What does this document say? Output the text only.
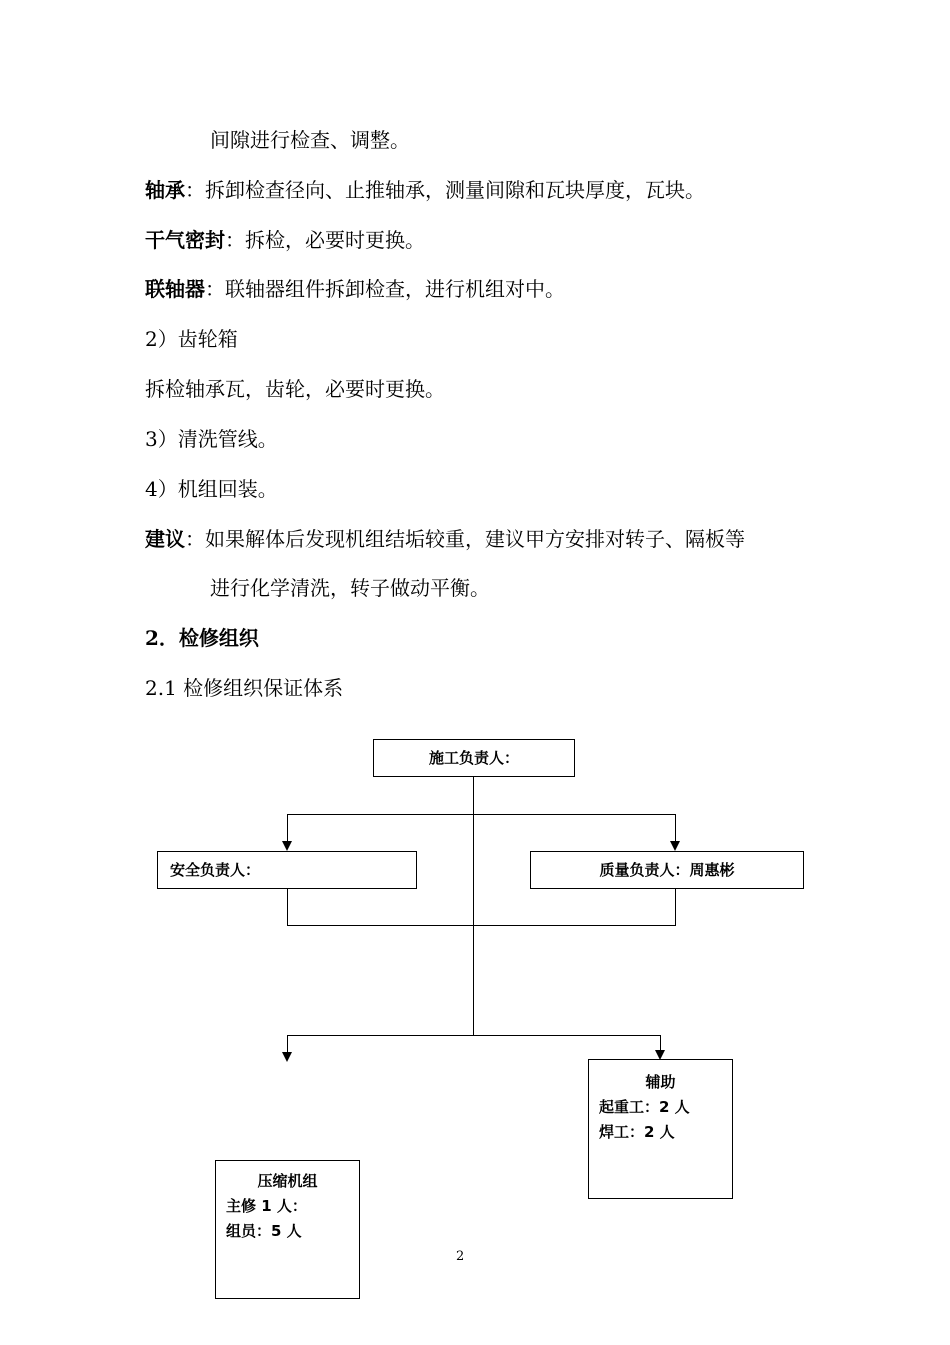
间隙进行检查、调整。
轴承：拆卸检查径向、止推轴承，测量间隙和瓦块厚度，瓦块。
干气密封：拆检，必要时更换。
联轴器：联轴器组件拆卸检查，进行机组对中。
2）齿轮箱
拆检轴承瓦，齿轮，必要时更换。
3）清洗管线。
4）机组回装。
建议：如果解体后发现机组结垢较重，建议甲方安排对转子、隔板等
进行化学清洗，转子做动平衡。
2．检修组织
2.1 检修组织保证体系
施工负责人：
安全负责人：	质量负责人：周惠彬
辅助
起重工：2 人
焊工：2 人
压缩机组
主修 1 人：
组员：5 人
2
